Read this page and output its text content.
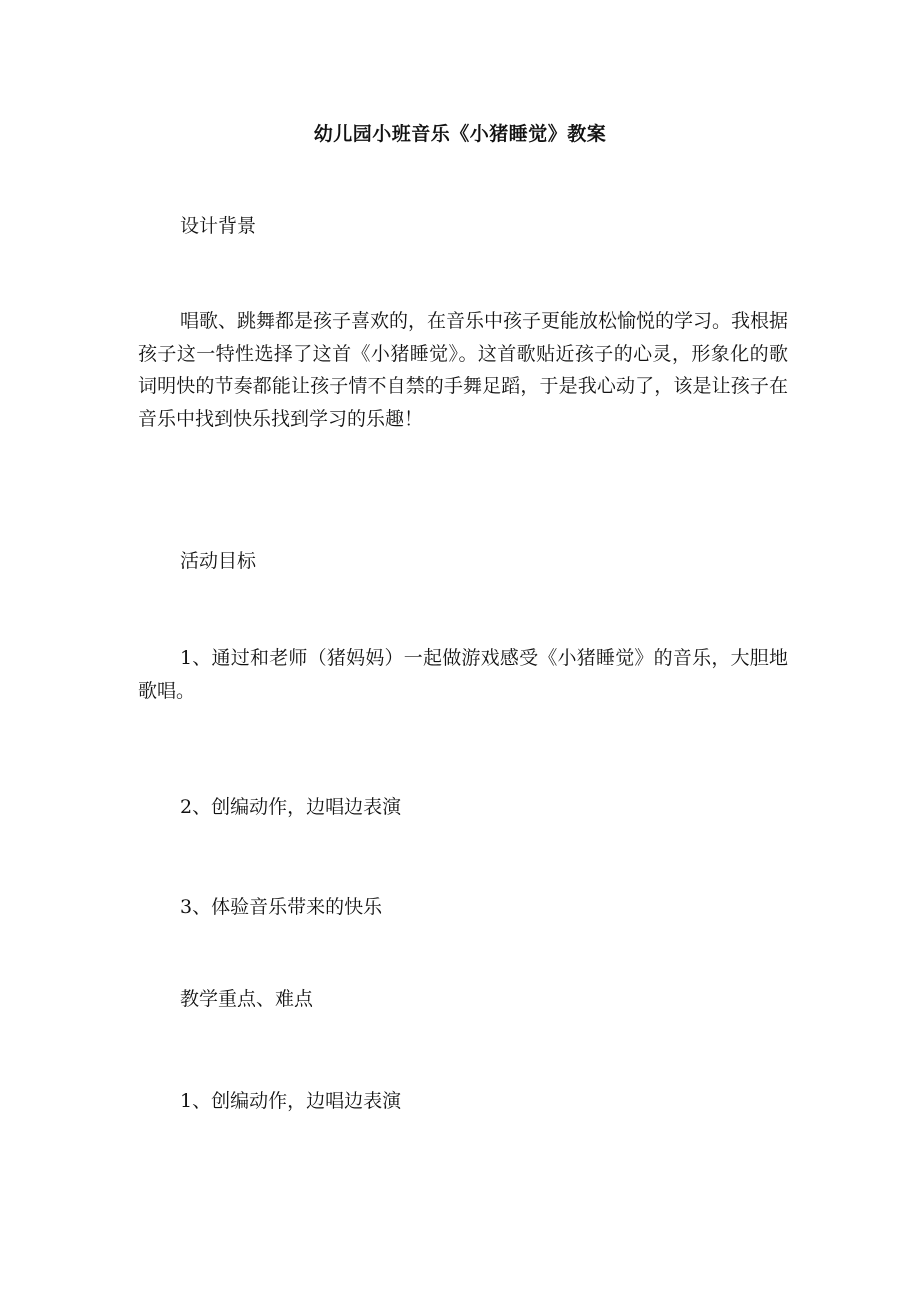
幼儿园小班音乐《小猪睡觉》教案
设计背景
唱歌、跳舞都是孩子喜欢的，在音乐中孩子更能放松愉悦的学习。我根据孩子这一特性选择了这首《小猪睡觉》。这首歌贴近孩子的心灵，形象化的歌词明快的节奏都能让孩子情不自禁的手舞足蹈，于是我心动了，该是让孩子在音乐中找到快乐找到学习的乐趣！
活动目标
1、通过和老师（猪妈妈）一起做游戏感受《小猪睡觉》的音乐，大胆地歌唱。
2、创编动作，边唱边表演
3、体验音乐带来的快乐
教学重点、难点
1、创编动作，边唱边表演
